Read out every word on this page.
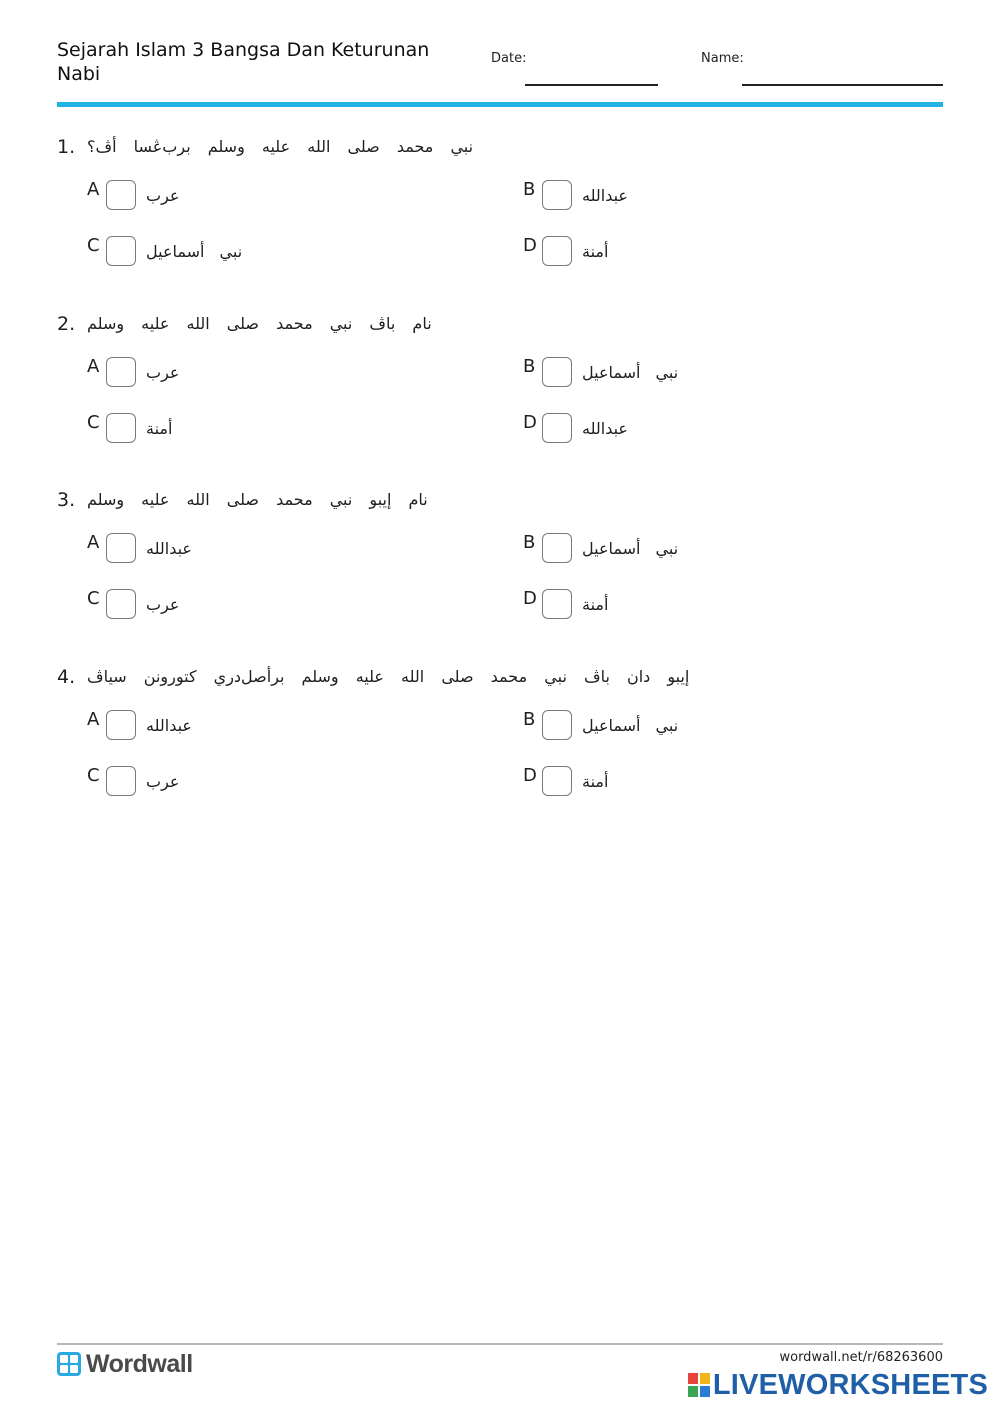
Sejarah Islam 3 Bangsa Dan Keturunan Nabi
Date:	Name:
1. نبي محمد صلى الله عليه وسلم برب‌ڠسا أڤ؟
A	عرب	B	عبدالله
C	نبي أسماعيل	D	أمنة
2. نام باڤ نبي محمد صلى الله عليه وسلم
A	عرب	B	نبي أسماعيل
C	أمنة	D	عبدالله
3. نام إيبو نبي محمد صلى الله عليه وسلم
A	عبدالله	B	نبي أسماعيل
C	عرب	D	أمنة
4. إيبو دان باڤ نبي محمد صلى الله عليه وسلم برأصل‌دري كتورونن سياڤ
A	عبدالله	B	نبي أسماعيل
C	عرب	D	أمنة
Wordwall	wordwall.net/r/68263600
LIVEWORKSHEETS
